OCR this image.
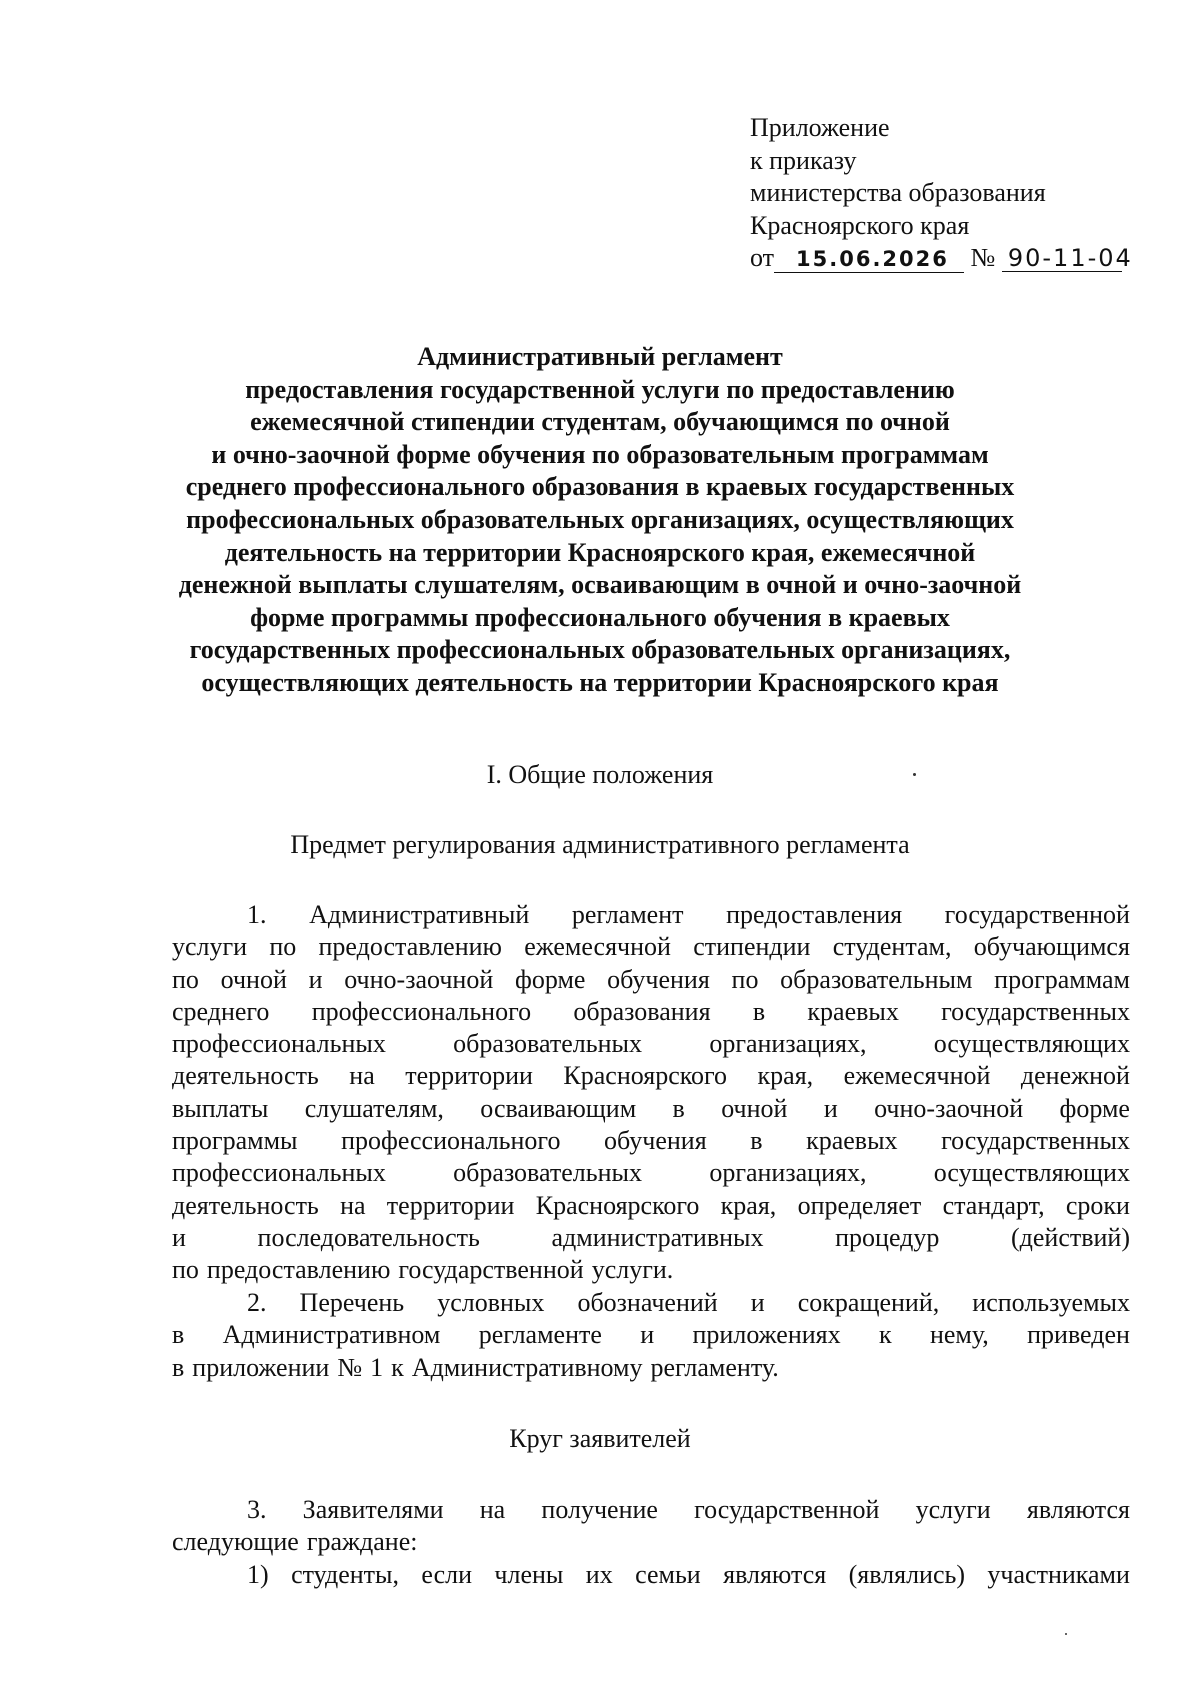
Приложение
к приказу
министерства образования
Красноярского края
от 15.06.2026 № 90-11-04
Административный регламент
предоставления государственной услуги по предоставлению
ежемесячной стипендии студентам, обучающимся по очной
и очно-заочной форме обучения по образовательным программам
среднего профессионального образования в краевых государственных
профессиональных образовательных организациях, осуществляющих
деятельность на территории Красноярского края, ежемесячной
денежной выплаты слушателям, осваивающим в очной и очно-заочной
форме программы профессионального обучения в краевых
государственных профессиональных образовательных организациях,
осуществляющих деятельность на территории Красноярского края
I. Общие положения
Предмет регулирования административного регламента
1. Административный регламент предоставления государственной
услуги по предоставлению ежемесячной стипендии студентам, обучающимся
по очной и очно-заочной форме обучения по образовательным программам
среднего профессионального образования в краевых государственных
профессиональных	образовательных	организациях,	осуществляющих
деятельность на территории Красноярского края, ежемесячной денежной
выплаты слушателям, осваивающим в очной и очно-заочной форме
программы профессионального обучения в краевых государственных
профессиональных	образовательных	организациях,	осуществляющих
деятельность на территории Красноярского края, определяет стандарт, сроки
и	последовательность	административных	процедур	(действий)
по предоставлению государственной услуги.
2. Перечень условных обозначений и сокращений, используемых
в Административном регламенте и приложениях к нему, приведен
в приложении № 1 к Административному регламенту.
Круг заявителей
3. Заявителями на получение государственной услуги являются
следующие граждане:
1) студенты, если члены их семьи являются (являлись) участниками
